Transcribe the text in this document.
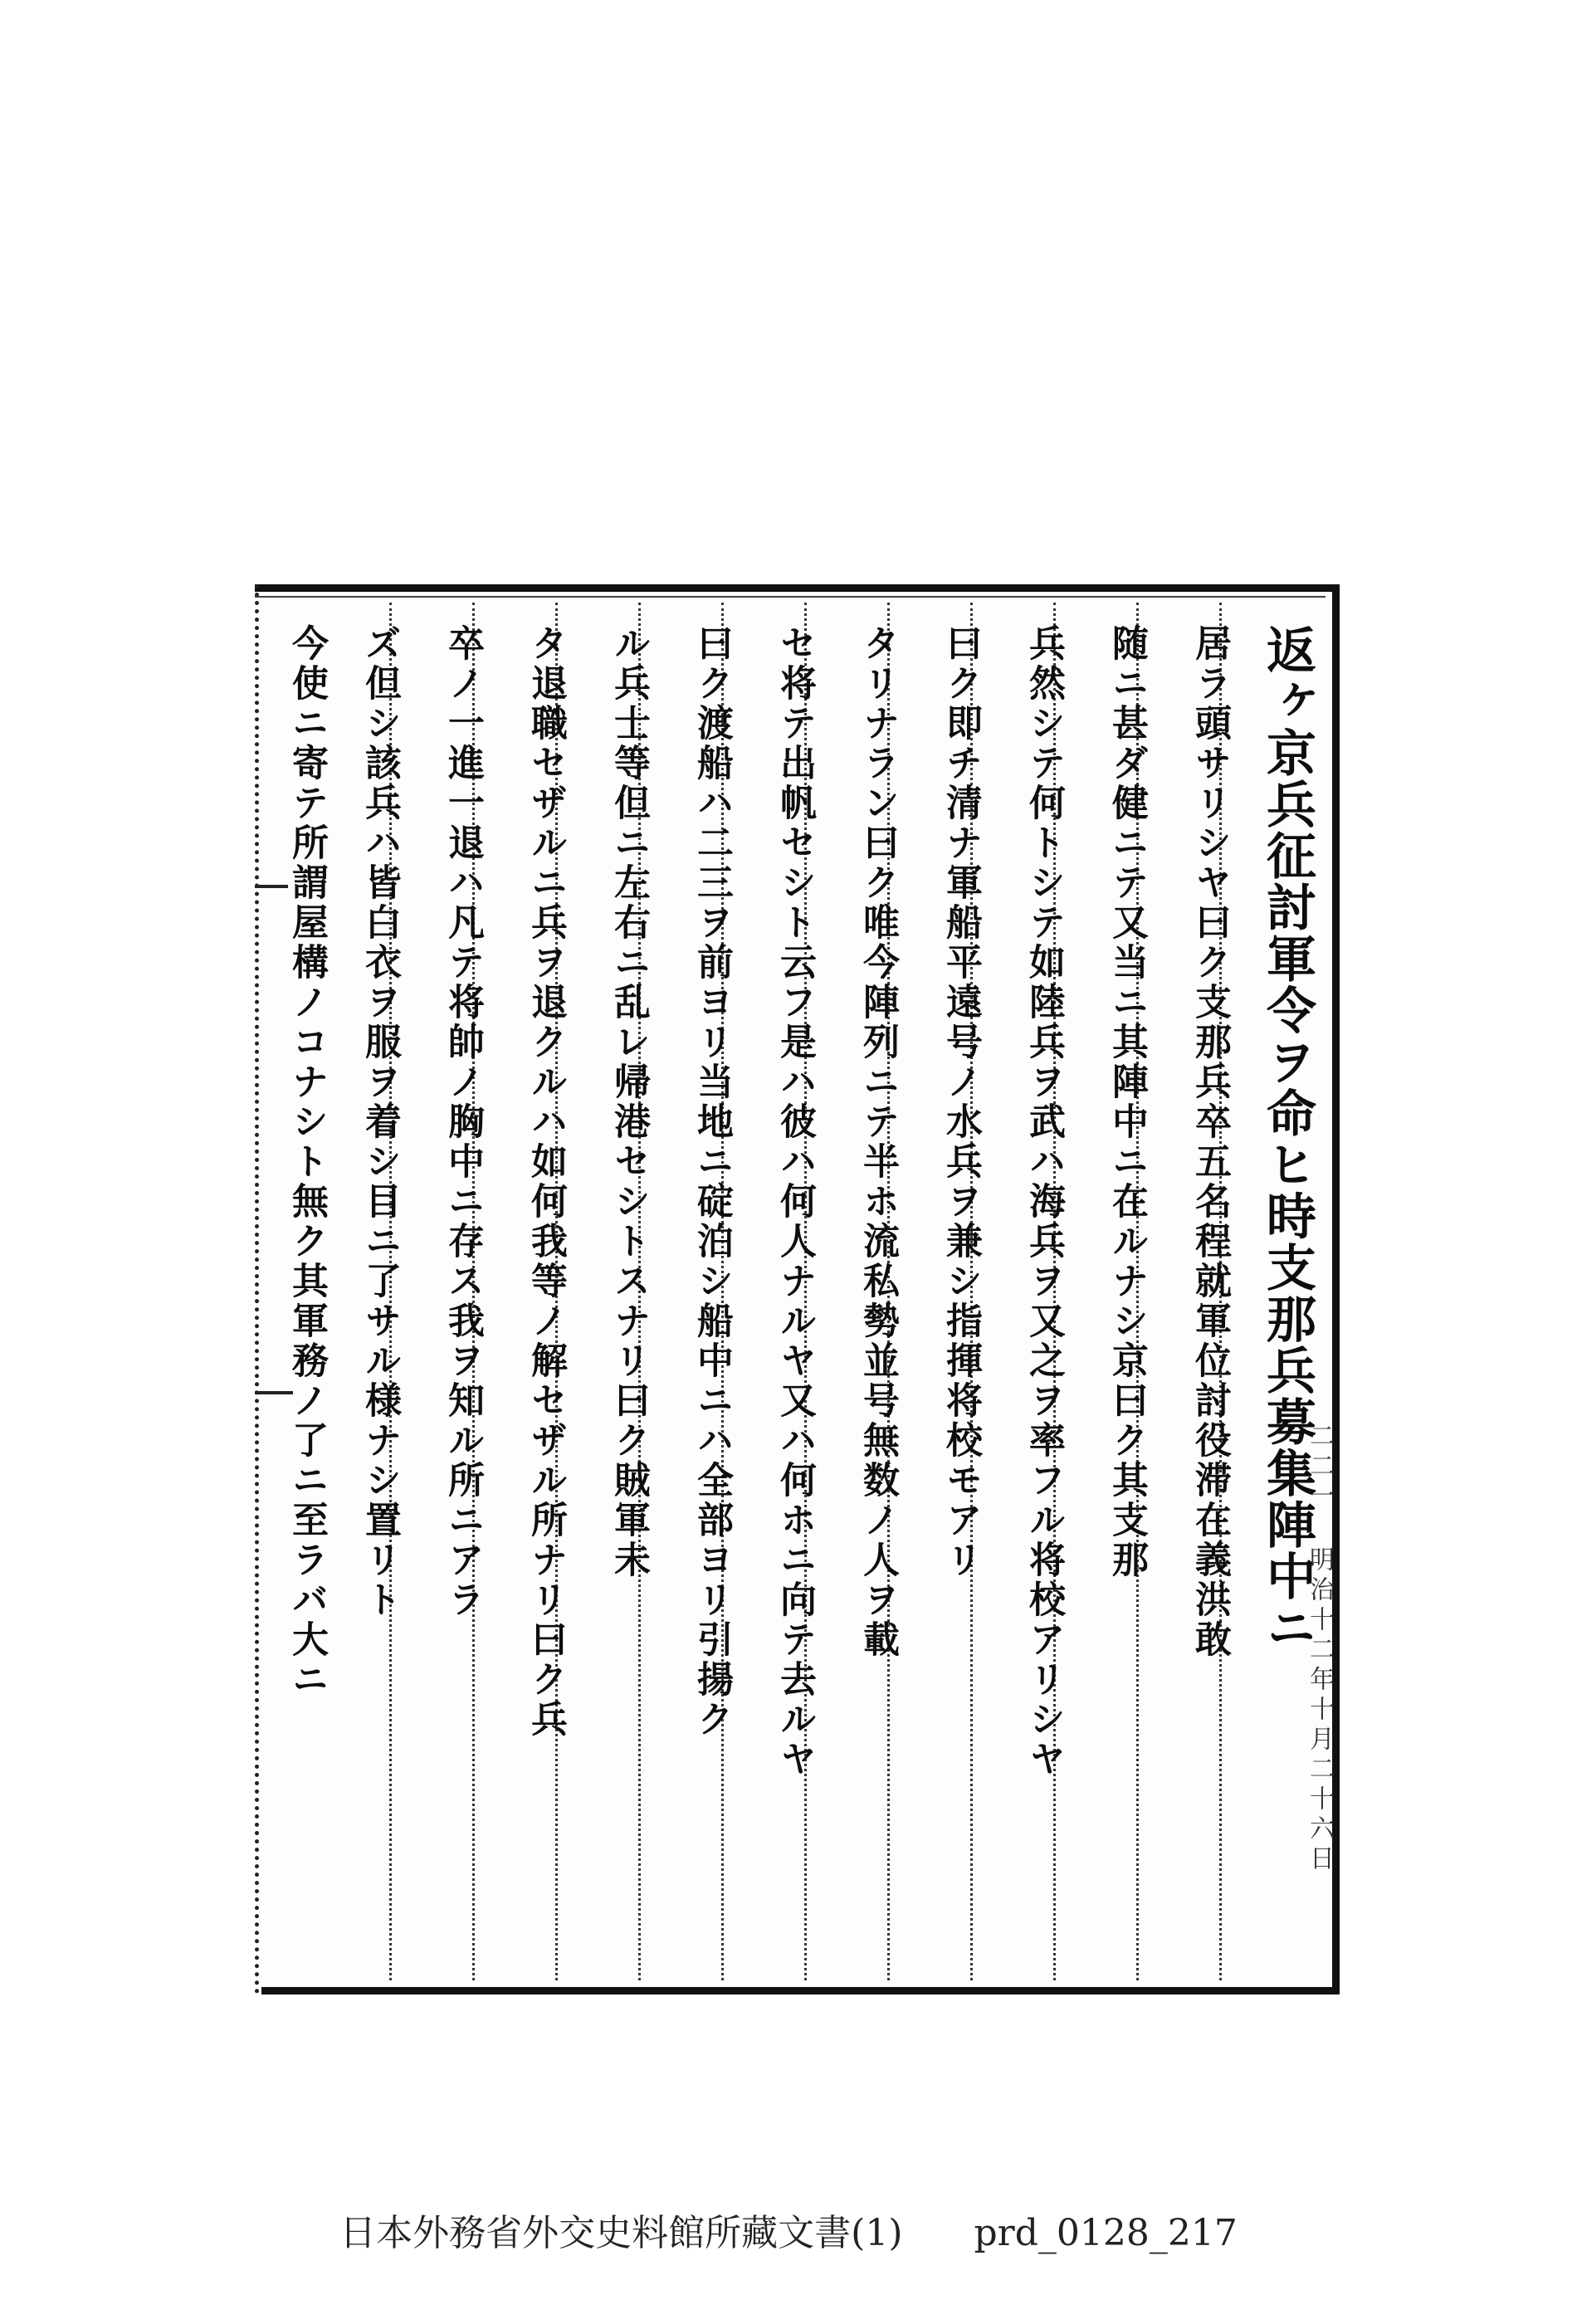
返ヶ京兵征討軍令ヲ命ヒ時支那兵募集陣中ニ
居ラ頭サリシヤ曰ク支那兵卒五名程就軍位討役滞在義洪敢
随ニ甚ダ健ニテ又当ニ其陣中ニ在ルナシ京曰ク其支那
兵然シテ何トシテ如陸兵ヲ武ハ海兵ヲ又之ヲ率フル将校アリシヤ
曰ク即チ清ナ軍船平遠号ノ水兵ヲ兼シ指揮将校モアリ
タリナラン曰ク唯今陣列ニテ半ホ流私勢並号無数ノ人ヲ載
セ将テ出帆セシト云フ是ハ彼ハ何人ナルヤ又ハ何ホニ向テ去ルヤ
曰ク渡船ハ二三ヲ前ヨリ当地ニ碇泊シ船中ニハ全部ヨリ引揚ク
ル兵士等但ニ左右ニ乱レ帰港セシトスナリ曰ク賊軍未
タ退職セザルニ兵ヲ退クルハ如何我等ノ解セザル所ナリ曰ク兵
卒ノ一進一退ハ凡テ将帥ノ胸中ニ存ス我ヲ知ル所ニアラ
ズ但シ該兵ハ皆白衣ヲ服ヲ着シ目ニ了サル様ナシ置リト
今使ニ寄テ所謂屋構ノコナシト無ク其軍務ノ了ニ至ラバ大ニ	二二一 明治十二年十月二十六日
日本外務省外交史料館所藏文書(1) prd_0128_217
